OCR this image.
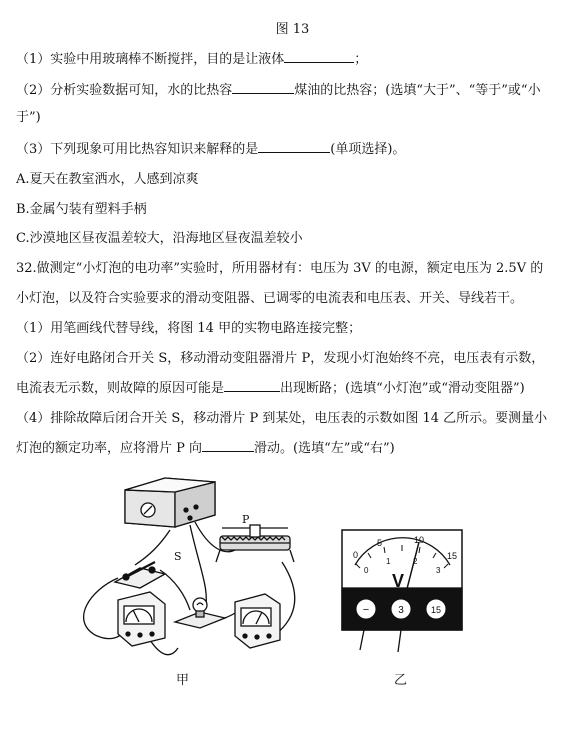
图 13
（1）实验中用玻璃棒不断搅拌，目的是让液体	；
（2）分析实验数据可知，水的比热容	煤油的比热容；(选填“大于”、“等于”或“小
于”)
（3）下列现象可用比热容知识来解释的是	(单项选择)。
A.夏天在教室洒水，人感到凉爽
B.金属勺装有塑料手柄
C.沙漠地区昼夜温差较大，沿海地区昼夜温差较小
32.做测定“小灯泡的电功率”实验时，所用器材有：电压为 3V 的电源，额定电压为 2.5V 的
小灯泡，以及符合实验要求的滑动变阻器、已调零的电流表和电压表、开关、导线若干。
（1）用笔画线代替导线，将图 14 甲的实物电路连接完整；
（2）连好电路闭合开关 S，移动滑动变阻器滑片 P，发现小灯泡始终不亮，电压表有示数，
电流表无示数，则故障的原因可能是	出现断路；(选填“小灯泡”或“滑动变阻器”)
（4）排除故障后闭合开关 S，移动滑片 P 到某处，电压表的示数如图 14 乙所示。要测量小
灯泡的额定功率，应将滑片 P 向	滑动。(选填“左”或“右”)
−	3	15
0
5	10
15
0
1	2
3
V
S
P
甲	乙
